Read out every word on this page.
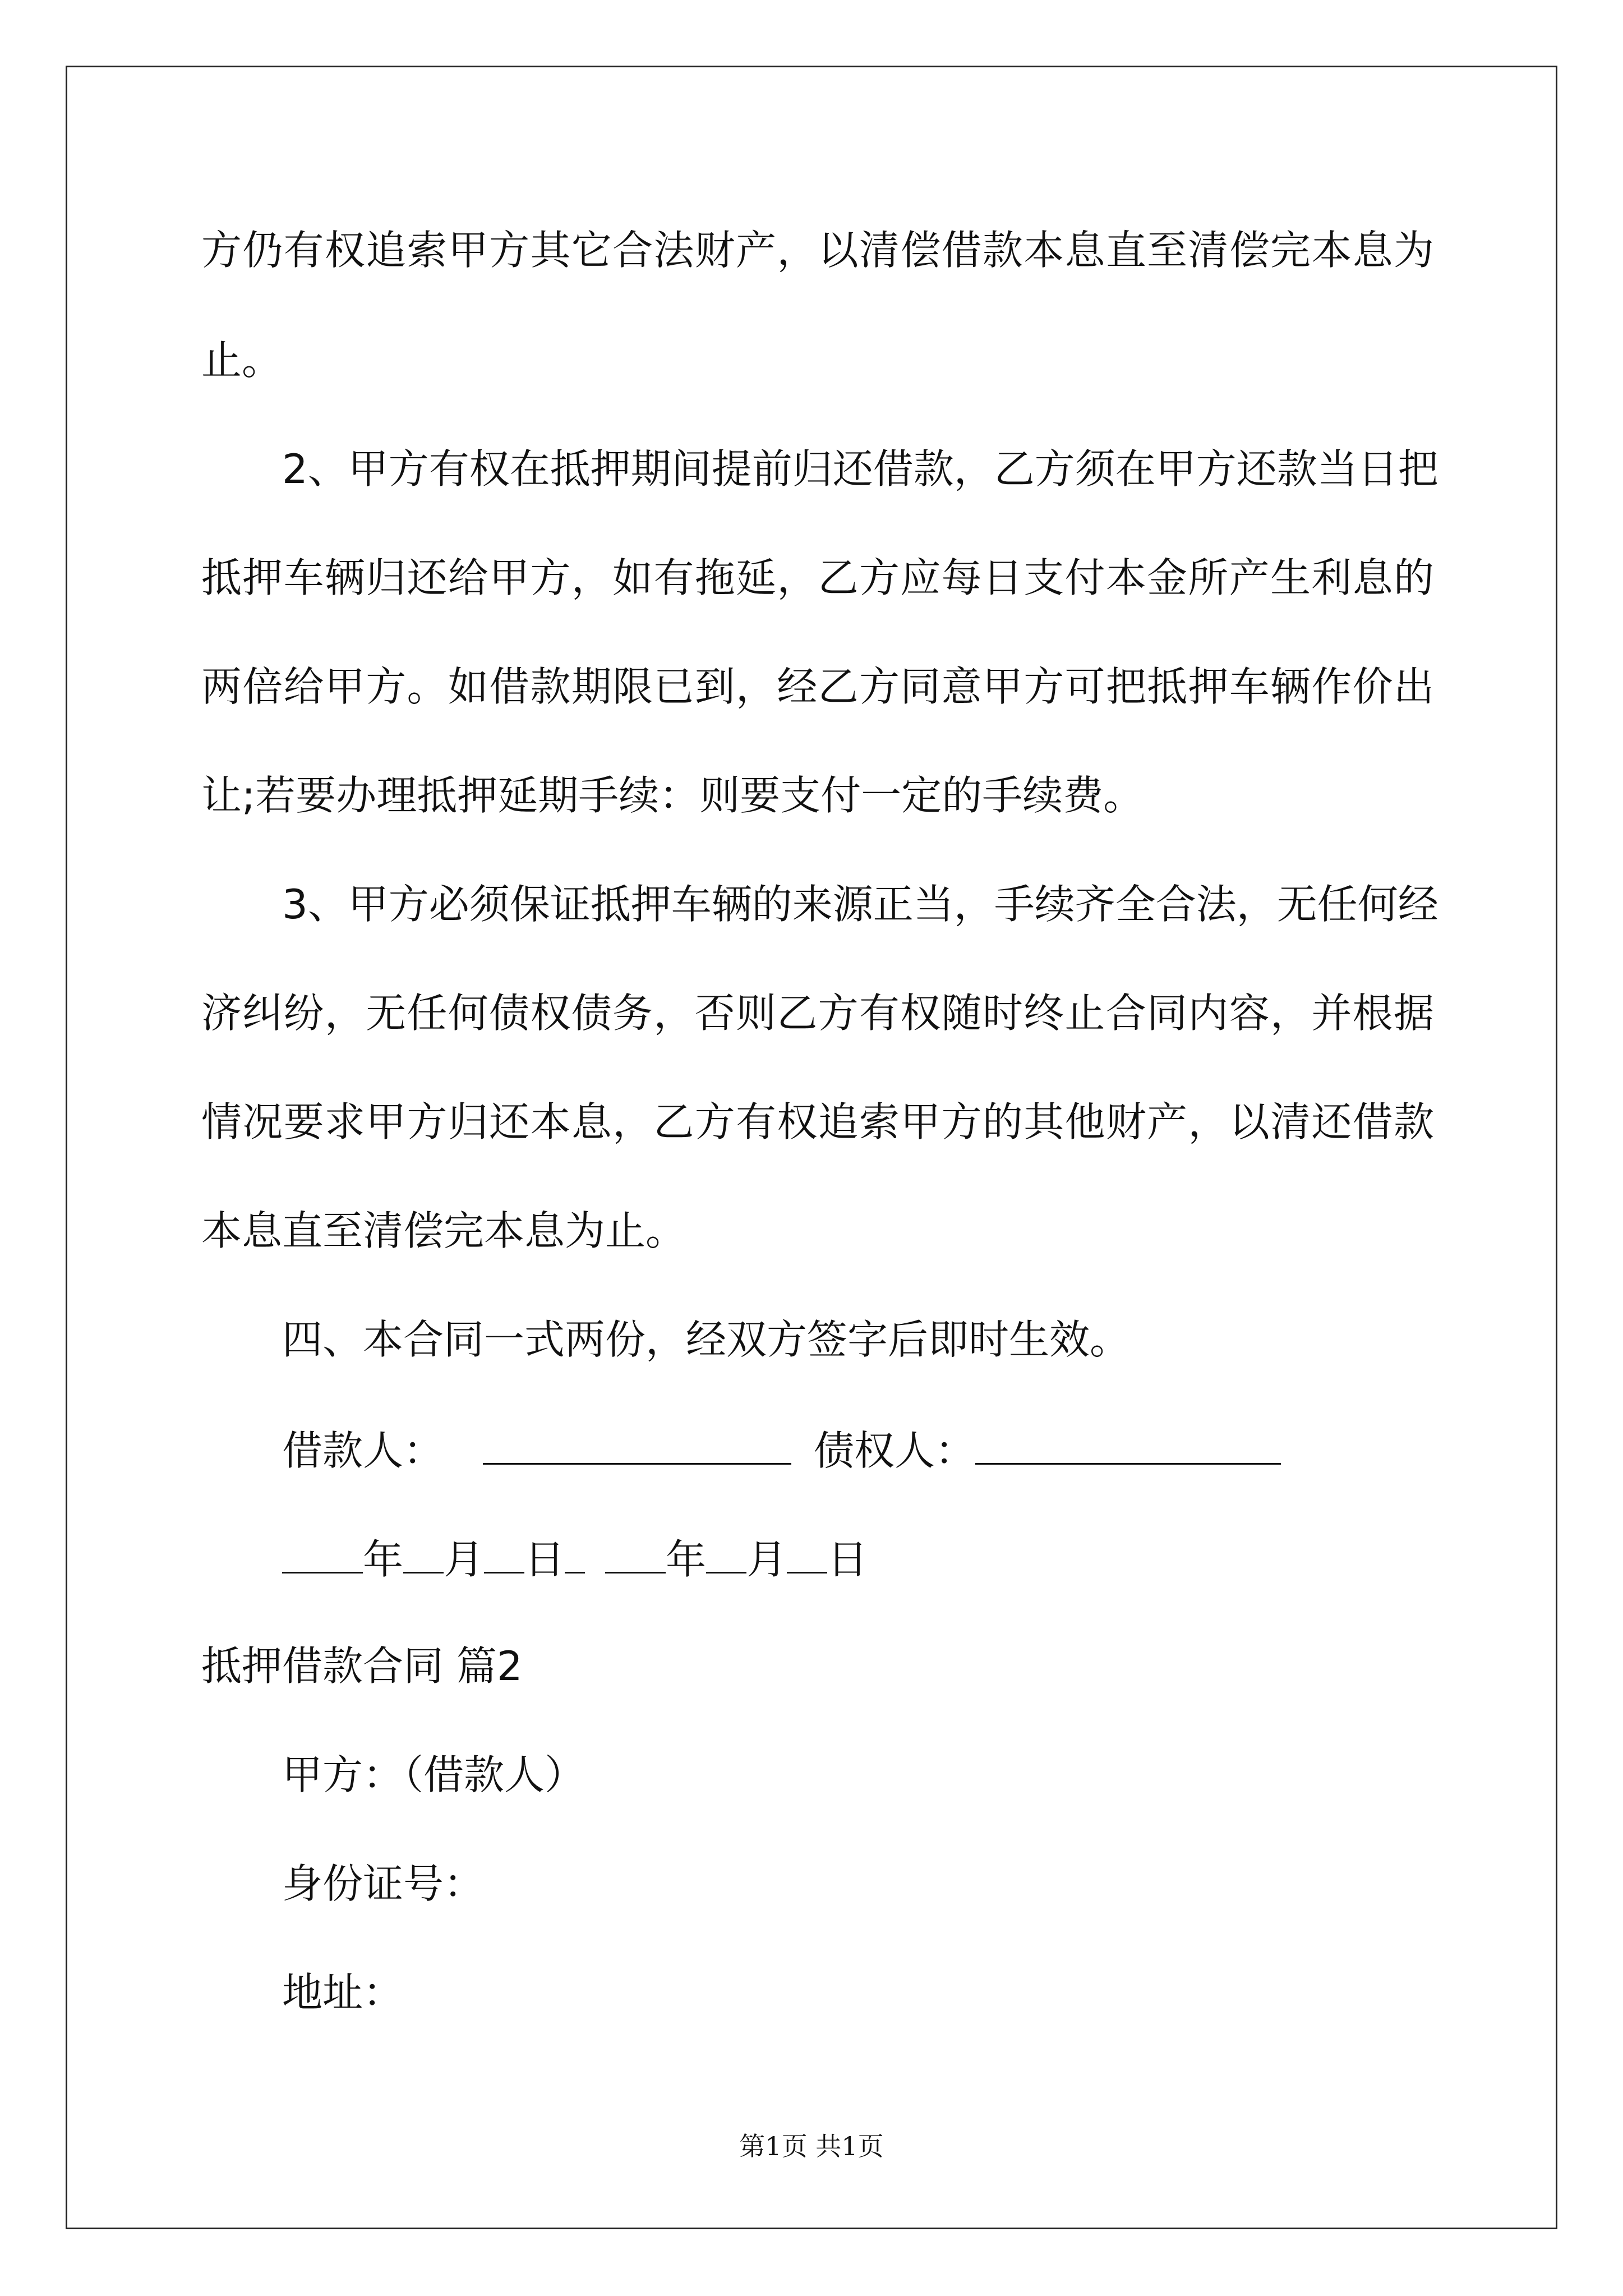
方仍有权追索甲方其它合法财产，以清偿借款本息直至清偿完本息为
止。
2、甲方有权在抵押期间提前归还借款，乙方须在甲方还款当日把
抵押车辆归还给甲方，如有拖延，乙方应每日支付本金所产生利息的
两倍给甲方。如借款期限已到，经乙方同意甲方可把抵押车辆作价出
让;若要办理抵押延期手续：则要支付一定的手续费。
3、甲方必须保证抵押车辆的来源正当，手续齐全合法，无任何经
济纠纷，无任何债权债务，否则乙方有权随时终止合同内容，并根据
情况要求甲方归还本息，乙方有权追索甲方的其他财产，以清还借款
本息直至清偿完本息为止。
四、本合同一式两份，经双方签字后即时生效。
借款人：	债权人：
年 月 日	年 月 日
抵押借款合同 篇2
甲方：（借款人）
身份证号：
地址：
第1页 共1页
